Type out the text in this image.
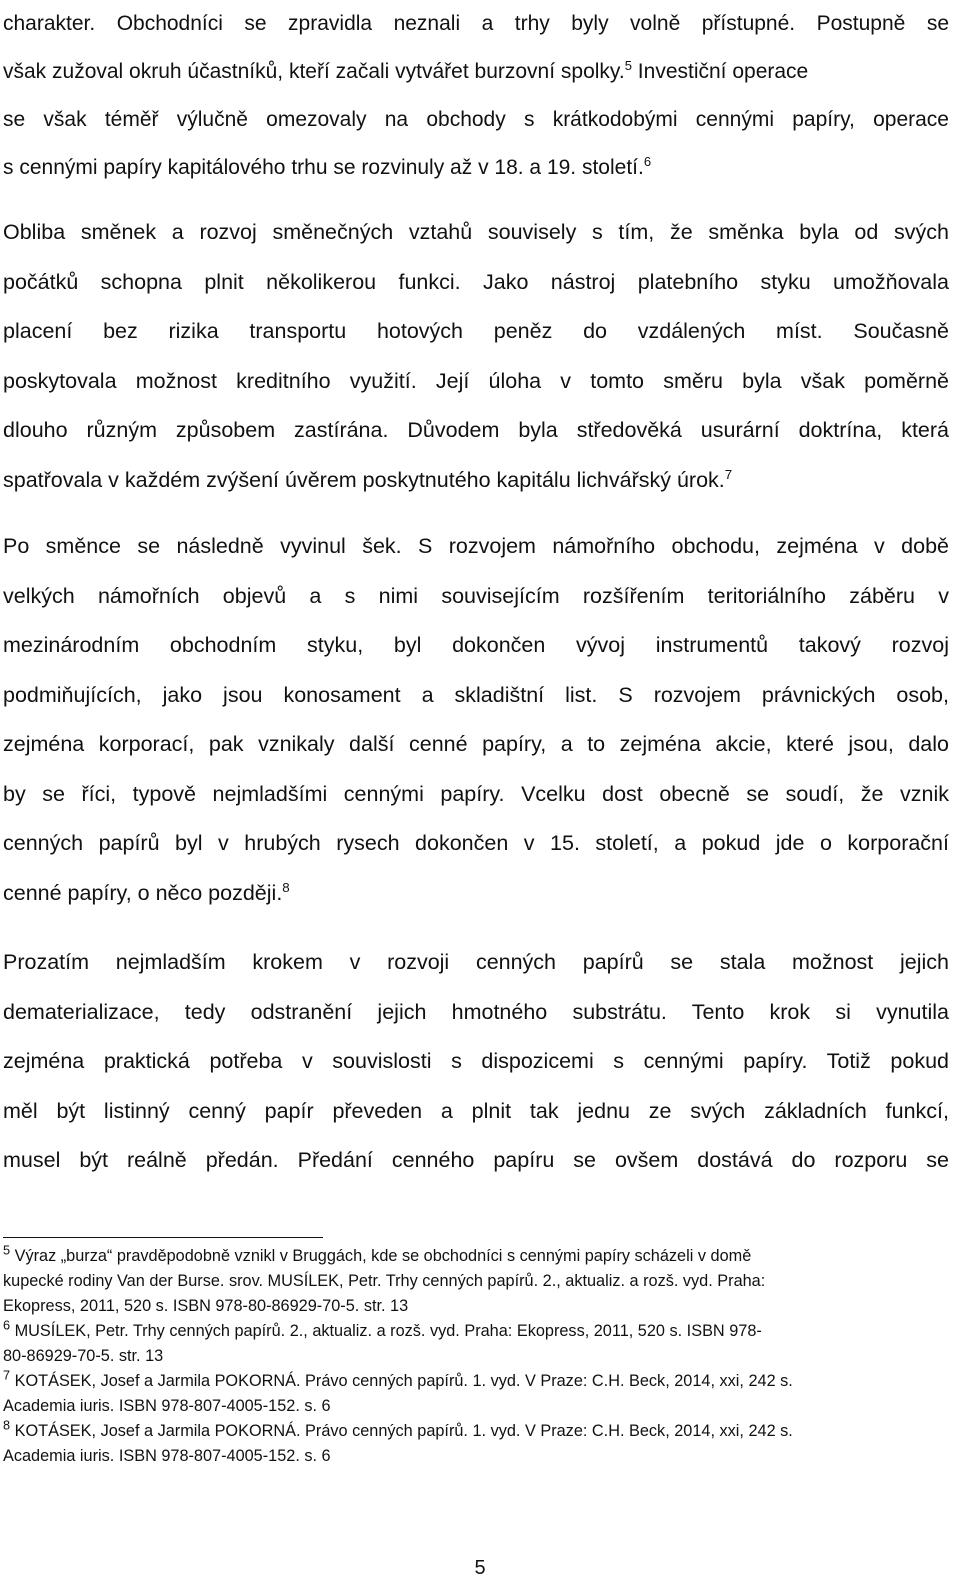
charakter. Obchodníci se zpravidla neznali a trhy byly volně přístupné. Postupně se
však zužoval okruh účastníků, kteří začali vytvářet burzovní spolky.$^5$ Investiční operace
se však téměř výlučně omezovaly na obchody s krátkodobými cennými papíry, operace
s cennými papíry kapitálového trhu se rozvinuly až v 18. a 19. století.$^6$
Obliba směnek a rozvoj směnečných vztahů souvisely s tím, že směnka byla od svých
počátků schopna plnit několikerou funkci. Jako nástroj platebního styku umožňovala
placení bez rizika transportu hotových peněz do vzdálených míst. Současně
poskytovala možnost kreditního využití. Její úloha v tomto směru byla však poměrně
dlouho různým způsobem zastírána. Důvodem byla středověká usurární doktrína, která
spatřovala v každém zvýšení úvěrem poskytnutého kapitálu lichvářský úrok.$^7$
Po směnce se následně vyvinul šek. S rozvojem námořního obchodu, zejména v době
velkých námořních objevů a s nimi souvisejícím rozšířením teritoriálního záběru v
mezinárodním obchodním styku, byl dokončen vývoj instrumentů takový rozvoj
podmiňujících, jako jsou konosament a skladištní list. S rozvojem právnických osob,
zejména korporací, pak vznikaly další cenné papíry, a to zejména akcie, které jsou, dalo
by se říci, typově nejmladšími cennými papíry. Vcelku dost obecně se soudí, že vznik
cenných papírů byl v hrubých rysech dokončen v 15. století, a pokud jde o korporační
cenné papíry, o něco později.$^8$
Prozatím nejmladším krokem v rozvoji cenných papírů se stala možnost jejich
dematerializace, tedy odstranění jejich hmotného substrátu. Tento krok si vynutila
zejména praktická potřeba v souvislosti s dispozicemi s cennými papíry. Totiž pokud
měl být listinný cenný papír převeden a plnit tak jednu ze svých základních funkcí,
musel být reálně předán. Předání cenného papíru se ovšem dostává do rozporu se
$^5$ Výraz „burza“ pravděpodobně vznikl v Bruggách, kde se obchodníci s cennými papíry scházeli v domě
kupecké rodiny Van der Burse. srov. MUSÍLEK, Petr. Trhy cenných papírů. 2., aktualiz. a rozš. vyd. Praha:
Ekopress, 2011, 520 s. ISBN 978-80-86929-70-5. str. 13
$^6$ MUSÍLEK, Petr. Trhy cenných papírů. 2., aktualiz. a rozš. vyd. Praha: Ekopress, 2011, 520 s. ISBN 978-
80-86929-70-5. str. 13
$^7$ KOTÁSEK, Josef a Jarmila POKORNÁ. Právo cenných papírů. 1. vyd. V Praze: C.H. Beck, 2014, xxi, 242 s.
Academia iuris. ISBN 978-807-4005-152. s. 6
$^8$ KOTÁSEK, Josef a Jarmila POKORNÁ. Právo cenných papírů. 1. vyd. V Praze: C.H. Beck, 2014, xxi, 242 s.
Academia iuris. ISBN 978-807-4005-152. s. 6
5
